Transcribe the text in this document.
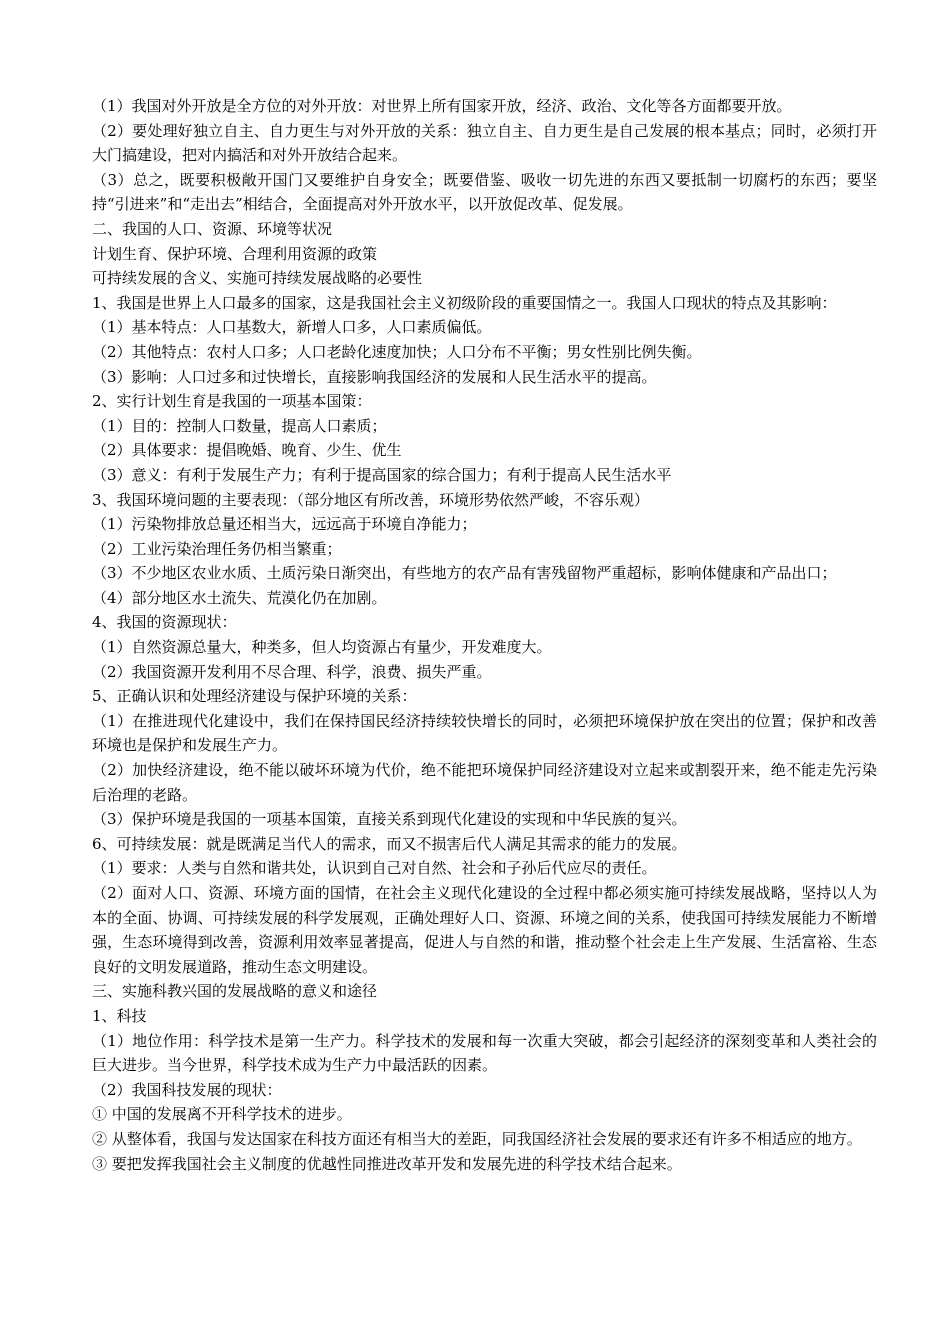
（1）我国对外开放是全方位的对外开放：对世界上所有国家开放，经济、政治、文化等各方面都要开放。

（2）要处理好独立自主、自力更生与对外开放的关系：独立自主、自力更生是自己发展的根本基点；同时，必须打开大门搞建设，把对内搞活和对外开放结合起来。

（3）总之，既要积极敞开国门又要维护自身安全；既要借鉴、吸收一切先进的东西又要抵制一切腐朽的东西；要坚持“引进来”和“走出去”相结合，全面提高对外开放水平，以开放促改革、促发展。

二、我国的人口、资源、环境等状况

计划生育、保护环境、合理利用资源的政策

可持续发展的含义、实施可持续发展战略的必要性

1、我国是世界上人口最多的国家，这是我国社会主义初级阶段的重要国情之一。我国人口现状的特点及其影响：

（1）基本特点：人口基数大，新增人口多，人口素质偏低。

（2）其他特点：农村人口多；人口老龄化速度加快；人口分布不平衡；男女性别比例失衡。

（3）影响：人口过多和过快增长，直接影响我国经济的发展和人民生活水平的提高。

2、实行计划生育是我国的一项基本国策：

（1）目的：控制人口数量，提高人口素质；

（2）具体要求：提倡晚婚、晚育、少生、优生

（3）意义：有利于发展生产力；有利于提高国家的综合国力；有利于提高人民生活水平

3、我国环境问题的主要表现：（部分地区有所改善，环境形势依然严峻，不容乐观）

（1）污染物排放总量还相当大，远远高于环境自净能力；

（2）工业污染治理任务仍相当繁重；

（3）不少地区农业水质、土质污染日渐突出，有些地方的农产品有害残留物严重超标，影响体健康和产品出口；

（4）部分地区水土流失、荒漠化仍在加剧。

4、我国的资源现状：

（1）自然资源总量大，种类多，但人均资源占有量少，开发难度大。

（2）我国资源开发利用不尽合理、科学，浪费、损失严重。

5、正确认识和处理经济建设与保护环境的关系：

（1）在推进现代化建设中，我们在保持国民经济持续较快增长的同时，必须把环境保护放在突出的位置；保护和改善环境也是保护和发展生产力。

（2）加快经济建设，绝不能以破坏环境为代价，绝不能把环境保护同经济建设对立起来或割裂开来，绝不能走先污染后治理的老路。

（3）保护环境是我国的一项基本国策，直接关系到现代化建设的实现和中华民族的复兴。

6、可持续发展：就是既满足当代人的需求，而又不损害后代人满足其需求的能力的发展。

（1）要求：人类与自然和谐共处，认识到自己对自然、社会和子孙后代应尽的责任。

（2）面对人口、资源、环境方面的国情，在社会主义现代化建设的全过程中都必须实施可持续发展战略，坚持以人为本的全面、协调、可持续发展的科学发展观，正确处理好人口、资源、环境之间的关系，使我国可持续发展能力不断增强，生态环境得到改善，资源利用效率显著提高，促进人与自然的和谐，推动整个社会走上生产发展、生活富裕、生态良好的文明发展道路，推动生态文明建设。

三、实施科教兴国的发展战略的意义和途径

1、科技

（1）地位作用：科学技术是第一生产力。科学技术的发展和每一次重大突破，都会引起经济的深刻变革和人类社会的巨大进步。当今世界，科学技术成为生产力中最活跃的因素。

（2）我国科技发展的现状：

① 中国的发展离不开科学技术的进步。

② 从整体看，我国与发达国家在科技方面还有相当大的差距，同我国经济社会发展的要求还有许多不相适应的地方。

③ 要把发挥我国社会主义制度的优越性同推进改革开发和发展先进的科学技术结合起来。
